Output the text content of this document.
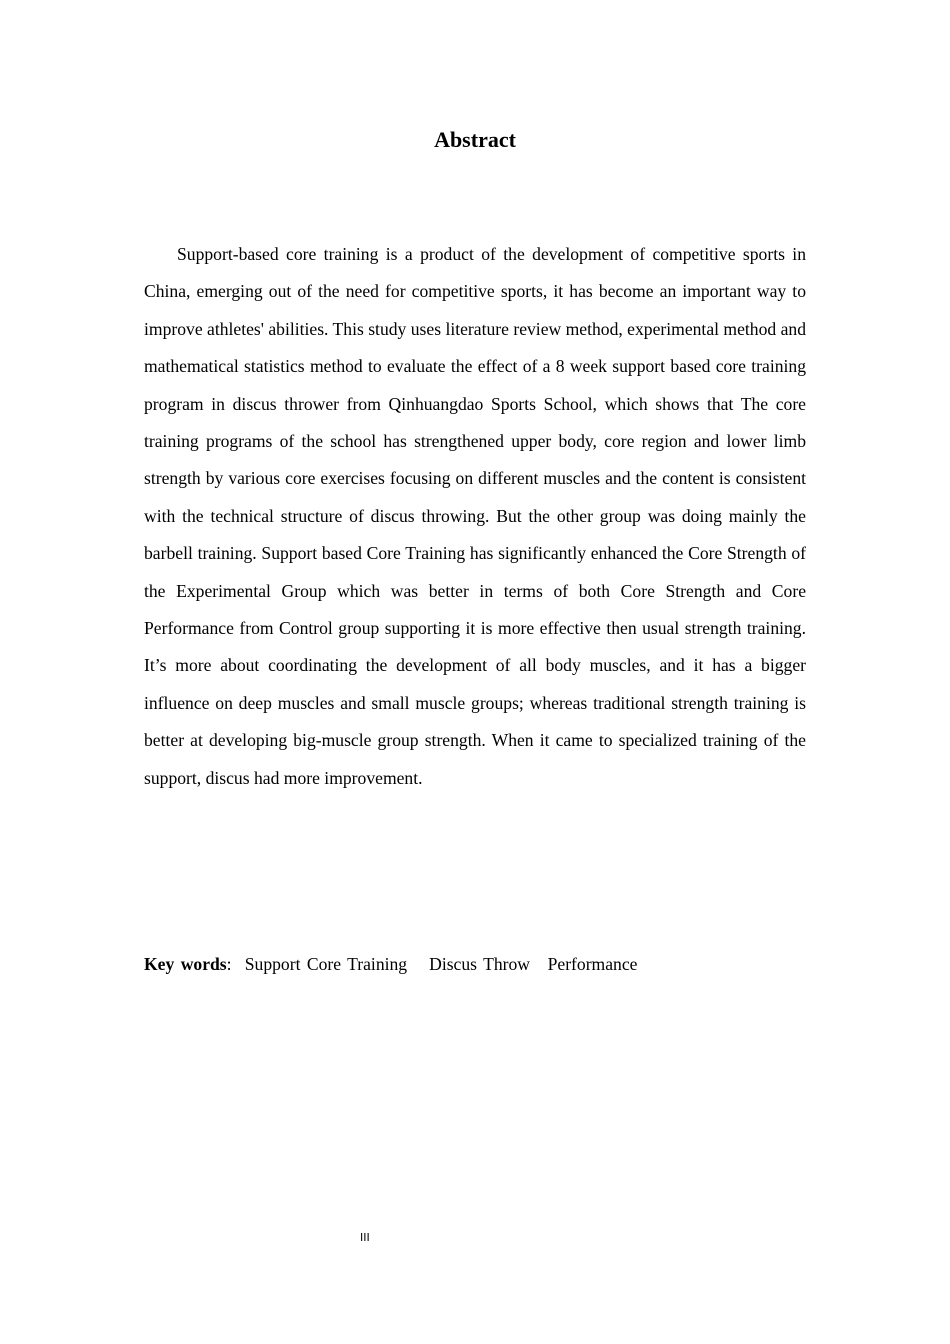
Abstract

Support-based core training is a product of the development of competitive sports in China, emerging out of the need for competitive sports, it has become an important way to improve athletes' abilities. This study uses literature review method, experimental method and mathematical statistics method to evaluate the effect of a 8 week support based core training program in discus thrower from Qinhuangdao Sports School, which shows that The core training programs of the school has strengthened upper body, core region and lower limb strength by various core exercises focusing on different muscles and the content is consistent with the technical structure of discus throwing. But the other group was doing mainly the barbell training. Support based Core Training has significantly enhanced the Core Strength of the Experimental Group which was better in terms of both Core Strength and Core Performance from Control group supporting it is more effective then usual strength training. It’s more about coordinating the development of all body muscles, and it has a bigger influence on deep muscles and small muscle groups; whereas traditional strength training is better at developing big-muscle group strength. When it came to specialized training of the support, discus had more improvement.

Key words: Support Core Training Discus Throw Performance

III
